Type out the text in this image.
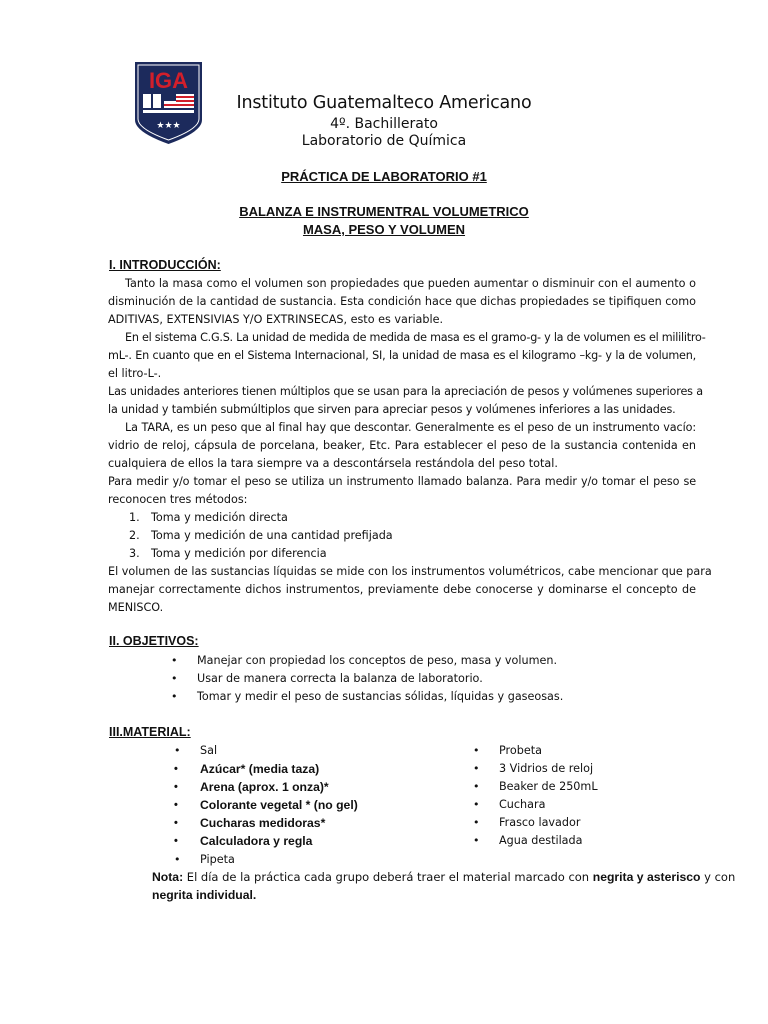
IGA
★★★
Instituto Guatemalteco Americano
4º. Bachillerato
Laboratorio de Química
PRÁCTICA DE LABORATORIO #1
BALANZA E INSTRUMENTRAL VOLUMETRICO
MASA, PESO Y VOLUMEN
I. INTRODUCCIÓN:
Tanto la masa como el volumen son propiedades que pueden aumentar o disminuir con el aumento o
disminución de la cantidad de sustancia. Esta condición hace que dichas propiedades se tipifiquen como
ADITIVAS, EXTENSIVIAS Y/O EXTRINSECAS, esto es variable.
En el sistema C.G.S. La unidad de medida de medida de masa es el gramo-g- y la de volumen es el mililitro-
mL-. En cuanto que en el Sistema Internacional, SI, la unidad de masa es el kilogramo –kg- y la de volumen,
el litro-L-.
Las unidades anteriores tienen múltiplos que se usan para la apreciación de pesos y volúmenes superiores a
la unidad y también submúltiplos que sirven para apreciar pesos y volúmenes inferiores a las unidades.
La TARA, es un peso que al final hay que descontar. Generalmente es el peso de un instrumento vacío:
vidrio de reloj, cápsula de porcelana, beaker, Etc. Para establecer el peso de la sustancia contenida en
cualquiera de ellos la tara siempre va a descontársela restándola del peso total.
Para medir y/o tomar el peso se utiliza un instrumento llamado balanza. Para medir y/o tomar el peso se
reconocen tres métodos:
1. Toma y medición directa
2. Toma y medición de una cantidad prefijada
3. Toma y medición por diferencia
El volumen de las sustancias líquidas se mide con los instrumentos volumétricos, cabe mencionar que para
manejar correctamente dichos instrumentos, previamente debe conocerse y dominarse el concepto de
MENISCO.
II. OBJETIVOS:
• Manejar con propiedad los conceptos de peso, masa y volumen.
• Usar de manera correcta la balanza de laboratorio.
• Tomar y medir el peso de sustancias sólidas, líquidas y gaseosas.
III.MATERIAL:
• Sal
• Azúcar* (media taza)
• Arena (aprox. 1 onza)*
• Colorante vegetal * (no gel)
• Cucharas medidoras*
• Calculadora y regla
• Pipeta
• Probeta
• 3 Vidrios de reloj
• Beaker de 250mL
• Cuchara
• Frasco lavador
• Agua destilada
Nota: El día de la práctica cada grupo deberá traer el material marcado con negrita y asterisco y con
negrita individual.
